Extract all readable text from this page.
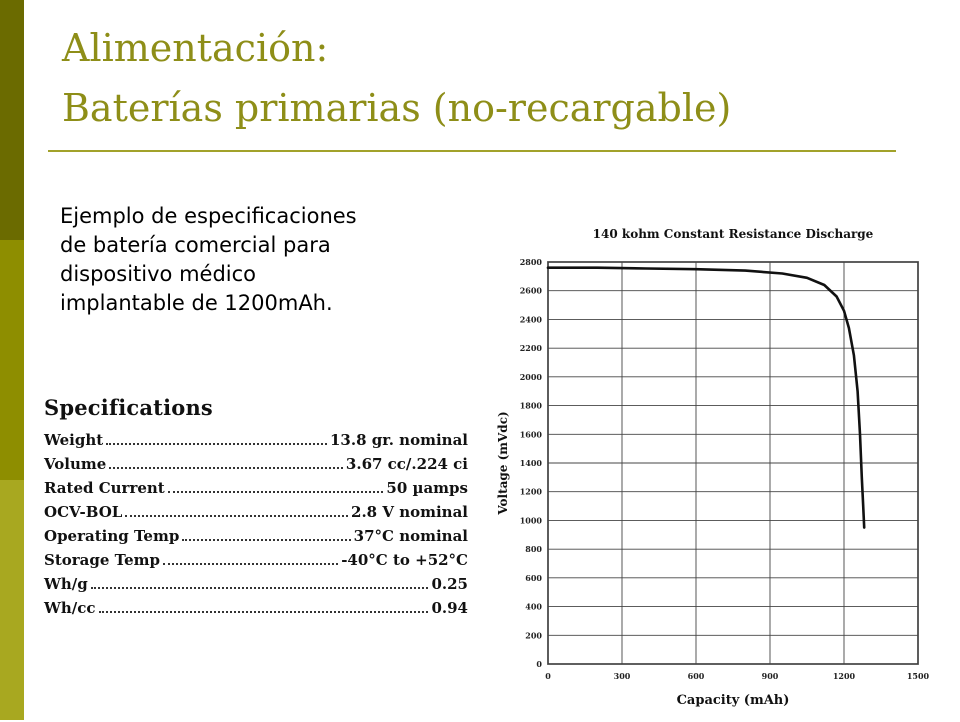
Alimentación:
Baterías primarias (no-recargable)

Ejemplo de especificaciones
de batería comercial para
dispositivo médico
implantable de 1200mAh.

Specifications
Weight	13.8 gr. nominal
Volume	3.67 cc/.224 ci
Rated Current	50 µamps
OCV-BOL	2.8 V nominal
Operating Temp	37°C nominal
Storage Temp	-40°C to +52°C
Wh/g	0.25
Wh/cc	0.94
0
200
400
600
800
1000
1200
1400
1600
1800
2000
2200
2400
2600
2800
0	300	600	900	1200	1500
140 kohm Constant Resistance Discharge
Capacity (mAh)
Voltage (mVdc)
